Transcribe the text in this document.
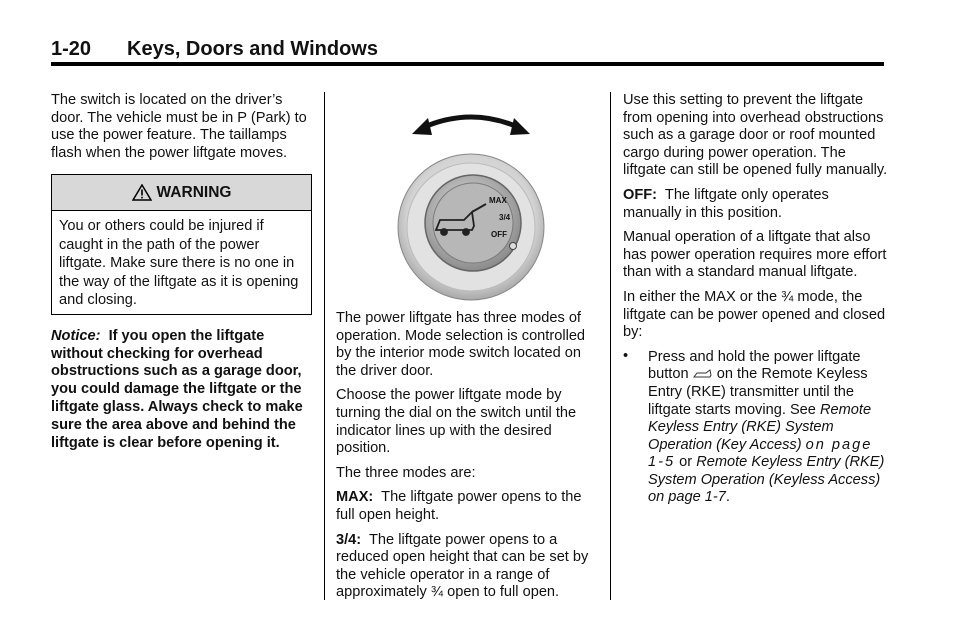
1-20 Keys, Doors and Windows

The switch is located on the driver’s door. The vehicle must be in P (Park) to use the power feature. The taillamps flash when the power liftgate moves.

WARNING
You or others could be injured if caught in the path of the power liftgate. Make sure there is no one in the way of the liftgate as it is opening and closing.

Notice: If you open the liftgate without checking for overhead obstructions such as a garage door, you could damage the liftgate or the liftgate glass. Always check to make sure the area above and behind the liftgate is clear before opening it.

MAX
3/4
OFF

The power liftgate has three modes of operation. Mode selection is controlled by the interior mode switch located on the driver door.

Choose the power liftgate mode by turning the dial on the switch until the indicator lines up with the desired position.

The three modes are:

MAX: The liftgate power opens to the full open height.

3/4: The liftgate power opens to a reduced open height that can be set by the vehicle operator in a range of approximately ¾ open to full open.

Use this setting to prevent the liftgate from opening into overhead obstructions such as a garage door or roof mounted cargo during power operation. The liftgate can still be opened fully manually.

OFF: The liftgate only operates manually in this position.

Manual operation of a liftgate that also has power operation requires more effort than with a standard manual liftgate.

In either the MAX or the ¾ mode, the liftgate can be power opened and closed by:

• Press and hold the power liftgate button on the Remote Keyless Entry (RKE) transmitter until the liftgate starts moving. See Remote Keyless Entry (RKE) System Operation (Key Access) on page 1-5 or Remote Keyless Entry (RKE) System Operation (Keyless Access) on page 1-7.
